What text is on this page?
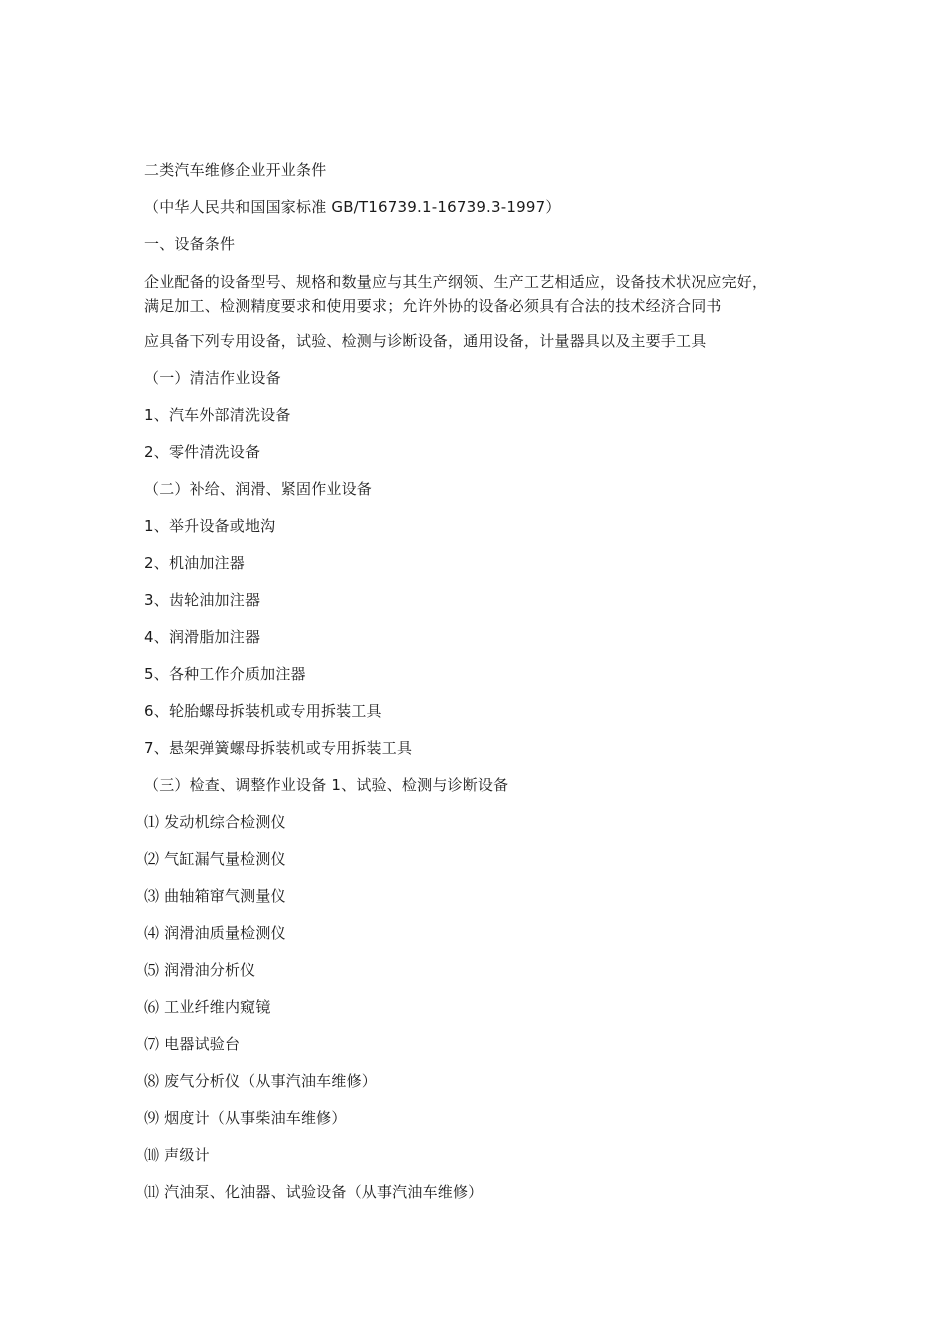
二类汽车维修企业开业条件
（中华人民共和国国家标准 GB/T16739.1-16739.3-1997）
一、设备条件
企业配备的设备型号、规格和数量应与其生产纲领、生产工艺相适应，设备技术状况应完好，
满足加工、检测精度要求和使用要求；允许外协的设备必须具有合法的技术经济合同书
应具备下列专用设备，试验、检测与诊断设备，通用设备，计量器具以及主要手工具
（一）清洁作业设备
1、汽车外部清洗设备
2、零件清洗设备
（二）补给、润滑、紧固作业设备
1、举升设备或地沟
2、机油加注器
3、齿轮油加注器
4、润滑脂加注器
5、各种工作介质加注器
6、轮胎螺母拆装机或专用拆装工具
7、悬架弹簧螺母拆装机或专用拆装工具
（三）检查、调整作业设备 1、试验、检测与诊断设备
⑴ 发动机综合检测仪
⑵ 气缸漏气量检测仪
⑶ 曲轴箱窜气测量仪
⑷ 润滑油质量检测仪
⑸ 润滑油分析仪
⑹ 工业纤维内窥镜
⑺ 电器试验台
⑻ 废气分析仪（从事汽油车维修）
⑼ 烟度计（从事柴油车维修）
⑽ 声级计
⑾ 汽油泵、化油器、试验设备（从事汽油车维修）
